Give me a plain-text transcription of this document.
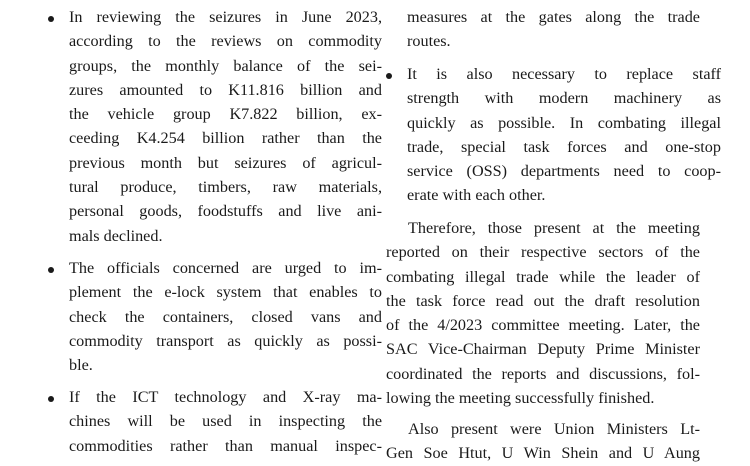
In reviewing the seizures in June 2023,
according to the reviews on commodity
groups, the monthly balance of the sei-
zures amounted to K11.816 billion and
the vehicle group K7.822 billion, ex-
ceeding K4.254 billion rather than the
previous month but seizures of agricul-
tural produce, timbers, raw materials,
personal goods, foodstuffs and live ani-
mals declined.
The officials concerned are urged to im-
plement the e-lock system that enables to
check the containers, closed vans and
commodity transport as quickly as possi-
ble.
If the ICT technology and X-ray ma-
chines will be used in inspecting the
commodities rather than manual inspec-
measures at the gates along the trade
routes.
It is also necessary to replace staff
strength with modern machinery as
quickly as possible. In combating illegal
trade, special task forces and one-stop
service (OSS) departments need to coop-
erate with each other.
Therefore, those present at the meeting
reported on their respective sectors of the
combating illegal trade while the leader of
the task force read out the draft resolution
of the 4/2023 committee meeting. Later, the
SAC Vice-Chairman Deputy Prime Minister
coordinated the reports and discussions, fol-
lowing the meeting successfully finished.
Also present were Union Ministers Lt-
Gen Soe Htut, U Win Shein and U Aung
